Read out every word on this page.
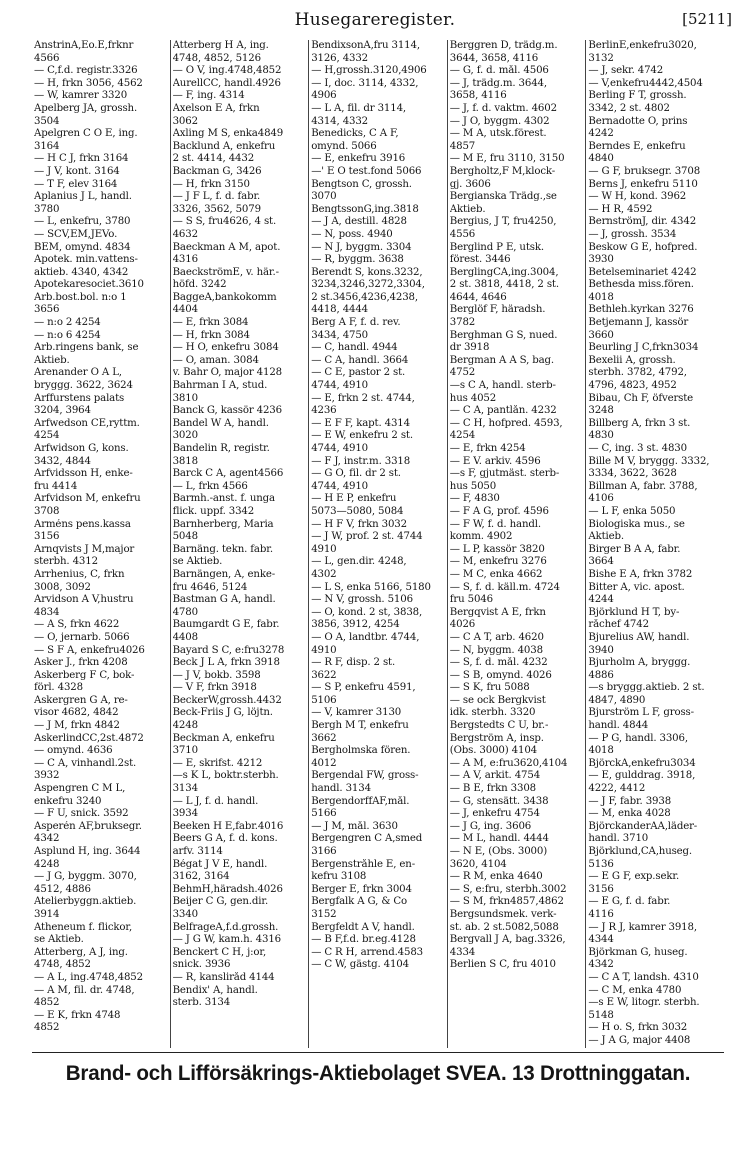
Husegareregister.	[5211]
AnstrinA,Eo.E,frknr
4566
— C,f.d. registr.3326
— H, frkn 3056, 4562
— W, kamrer 3320
Apelberg JA, grossh.
3504
Apelgren C O E, ing.
3164
— H C J, frkn 3164
— J V, kont. 3164
— T F, elev 3164
Aplanius J L, handl.
3780
— L, enkefru, 3780
— SCV,EM,JEVo.
BEM, omynd. 4834
Apotek. min.vattens-
aktieb. 4340, 4342
Apotekaresociet.3610
Arb.bost.bol. n:o 1
3656
— n:o 2 4254
— n:o 6 4254
Arb.ringens bank, se
Aktieb.
Arenander O A L,
bryggg. 3622, 3624
Arffurstens palats
3204, 3964
Arfwedson CE,ryttm.
4254
Arfwidson G, kons.
3432, 4844
Arfvidsson H, enke-
fru 4414
Arfvidson M, enkefru
3708
Arméns pens.kassa
3156
Arnqvists J M,major
sterbh. 4312
Arrhenius, C, frkn
3008, 3092
Arvidson A V,hustru
4834
— A S, frkn 4622
— O, jernarb. 5066
— S F A, enkefru4026
Asker J., frkn 4208
Askerberg F C, bok-
förl. 4328
Askergren G A, re-
visor 4682, 4842
— J M, frkn 4842
AskerlindCC,2st.4872
— omynd. 4636
— C A, vinhandl.2st.
3932
Aspengren C M L,
enkefru 3240
— F U, snick. 3592
Asperén AF,bruksegr.
4342
Asplund H, ing. 3644
4248
— J G, byggm. 3070,
4512, 4886
Atelierbyggn.aktieb.
3914
Atheneum f. flickor,
se Aktieb.
Atterberg, A J, ing.
4748, 4852
— A L, ing.4748,4852
— A M, fil. dr. 4748,
4852
— E K, frkn 4748
4852
Atterberg H A, ing.
4748, 4852, 5126
— O V, ing.4748,4852
AurellCC, handl.4926
— F, ing. 4314
Axelson E A, frkn
3062
Axling M S, enka4849
Backlund A, enkefru
2 st. 4414, 4432
Backman G, 3426
— H, frkn 3150
— J F L, f. d. fabr.
3326, 3562, 5079
— S S, fru4626, 4 st.
4632
Baeckman A M, apot.
4316
BaeckströmE, v. här.-
höfd. 3242
BaggeA,bankokomm
4404
— E, frkn 3084
— H, frkn 3084
— H O, enkefru 3084
— O, aman. 3084
v. Bahr O, major 4128
Bahrman I A, stud.
3810
Banck G, kassör 4236
Bandel W A, handl.
3020
Bandelin R, registr.
3818
Barck C A, agent4566
— L, frkn 4566
Barmh.-anst. f. unga
flick. uppf. 3342
Barnherberg, Maria
5048
Barnäng. tekn. fabr.
se Aktieb.
Barnängen, A, enke-
fru 4646, 5124
Bastman G A, handl.
4780
Baumgardt G E, fabr.
4408
Bayard S C, e:fru3278
Beck J L A, frkn 3918
— J V, bokb. 3598
— V F, frkn 3918
BeckerW,grossh.4432
Beck-Friis J G, löjtn.
4248
Beckman A, enkefru
3710
— E, skrifst. 4212
—s K L, boktr.sterbh.
3134
— L J, f. d. handl.
3934
Beeken H E,fabr.4016
Beers G A, f. d. kons.
arfv. 3114
Bégat J V E, handl.
3162, 3164
BehmH,häradsh.4026
Beijer C G, gen.dir.
3340
BelfrageA,f.d.grossh.
— J G W, kam.h. 4316
Benckert C H, j:or,
snick. 3936
— R, kansliråd 4144
Bendix' A, handl.
sterb. 3134
BendixsonA,fru 3114,
3126, 4332
— H,grossh.3120,4906
— I, doc. 3114, 4332,
4906
— L A, fil. dr 3114,
4314, 4332
Benedicks, C A F,
omynd. 5066
— E, enkefru 3916
—' E O test.fond 5066
Bengtson C, grossh.
3070
BengtssonG,ing.3818
— J A, destill. 4828
— N, poss. 4940
— N J, byggm. 3304
— R, byggm. 3638
Berendt S, kons.3232,
3234,3246,3272,3304,
2 st.3456,4236,4238,
4418, 4444
Berg A F, f. d. rev.
3434, 4750
— C, handl. 4944
— C A, handl. 3664
— C E, pastor 2 st.
4744, 4910
— E, frkn 2 st. 4744,
4236
— E F F, kapt. 4314
— E W, enkefru 2 st.
4744, 4910
— F J, instr.m. 3318
— G O, fil. dr 2 st.
4744, 4910
— H E P, enkefru
5073—5080, 5084
— H F V, frkn 3032
— J W, prof. 2 st. 4744
4910
— L, gen.dir. 4248,
4302
— L S, enka 5166, 5180
— N V, grossh. 5106
— O, kond. 2 st, 3838,
3856, 3912, 4254
— O A, landtbr. 4744,
4910
— R F, disp. 2 st.
3622
— S P, enkefru 4591,
5106
— V, kamrer 3130
Bergh M T, enkefru
3662
Bergholmska fören.
4012
Bergendal FW, gross-
handl. 3134
BergendorffAF,mål.
5166
— J M, mål. 3630
Bergengren C A,smed
3166
Bergenstråhle E, en-
kefru 3108
Berger E, frkn 3004
Bergfalk A G, & Co
3152
Bergfeldt A V, handl.
— B F,f.d. br.eg.4128
— C R H, arrend.4583
— C W, gästg. 4104
Berggren D, trädg.m.
3644, 3658, 4116
— G, f. d. mål. 4506
— J, trädg.m. 3644,
3658, 4116
— J, f. d. vaktm. 4602
— J O, byggm. 4302
— M A, utsk.förest.
4857
— M E, fru 3110, 3150
Bergholtz,F M,klock-
gj. 3606
Bergianska Trädg.,se
Aktieb.
Bergius, J T, fru4250,
4556
Berglind P E, utsk.
förest. 3446
BerglingCA,ing.3004,
2 st. 3818, 4418, 2 st.
4644, 4646
Berglöf F, häradsh.
3782
Berghman G S, nued.
dr 3918
Bergman A A S, bag.
4752
—s C A, handl. sterb-
hus 4052
— C A, pantlån. 4232
— C H, hofpred. 4593,
4254
— E, frkn 4254
— E V. arkiv. 4596
—s F, gjutmäst. sterb-
hus 5050
— F, 4830
— F A G, prof. 4596
— F W, f. d. handl.
komm. 4902
— L P, kassör 3820
— M, enkefru 3276
— M C, enka 4662
— S, f. d. käll.m. 4724
fru 5046
Bergqvist A E, frkn
4026
— C A T, arb. 4620
— N, byggm. 4038
— S, f. d. mål. 4232
— S B, omynd. 4026
— S K, fru 5088
— se ock Bergkvist
idk. sterbh. 3320
Bergstedts C U, br.-
Bergström A, insp.
(Obs. 3000) 4104
— A M, e:fru3620,4104
— A V, arkit. 4754
— B E, frkn 3308
— G, stensätt. 3438
— J, enkefru 4754
— J G, ing. 3606
— M L, handl. 4444
— N E, (Obs. 3000)
3620, 4104
— R M, enka 4640
— S, e:fru, sterbh.3002
— S M, frkn4857,4862
Bergsundsmek. verk-
st. ab. 2 st.5082,5088
Bergvall J A, bag.3326,
4334
Berlien S C, fru 4010
BerlinE,enkefru3020,
3132
— J, sekr. 4742
— V,enkefru4442,4504
Berling F T, grossh.
3342, 2 st. 4802
Bernadotte O, prins
4242
Berndes E, enkefru
4840
— G F, bruksegr. 3708
Berns J, enkefru 5110
— W H, kond. 3962
— H R, 4592
BernströmJ, dir. 4342
— J, grossh. 3534
Beskow G E, hofpred.
3930
Betelseminariet 4242
Bethesda miss.fören.
4018
Bethleh.kyrkan 3276
Betjemann J, kassör
3660
Beurling J C,frkn3034
Bexelii A, grossh.
sterbh. 3782, 4792,
4796, 4823, 4952
Bibau, Ch F, öfverste
3248
Billberg A, frkn 3 st.
4830
— C, ing. 3 st. 4830
Bille M V, bryggg. 3332,
3334, 3622, 3628
Billman A, fabr. 3788,
4106
— L F, enka 5050
Biologiska mus., se
Aktieb.
Birger B A A, fabr.
3664
Bishe E A, frkn 3782
Bitter A, vic. apost.
4244
Björklund H T, by-
råchef 4742
Bjurelius AW, handl.
3940
Bjurholm A, bryggg.
4886
—s bryggg.aktieb. 2 st.
4847, 4890
Bjurström L F, gross-
handl. 4844
— P G, handl. 3306,
4018
BjörckA,enkefru3034
— E, gulddrag. 3918,
4222, 4412
— J F, fabr. 3938
— M, enka 4028
BjörckanderAA,läder-
handl. 3710
Björklund,CA,huseg.
5136
— E G F, exp.sekr.
3156
— E G, f. d. fabr.
4116
— J R J, kamrer 3918,
4344
Björkman G, huseg.
4342
— C A T, landsh. 4310
— C M, enka 4780
—s E W, litogr. sterbh.
5148
— H o. S, frkn 3032
— J A G, major 4408
Brand- och Lifförsäkrings-Aktiebolaget SVEA. 13 Drottninggatan.
